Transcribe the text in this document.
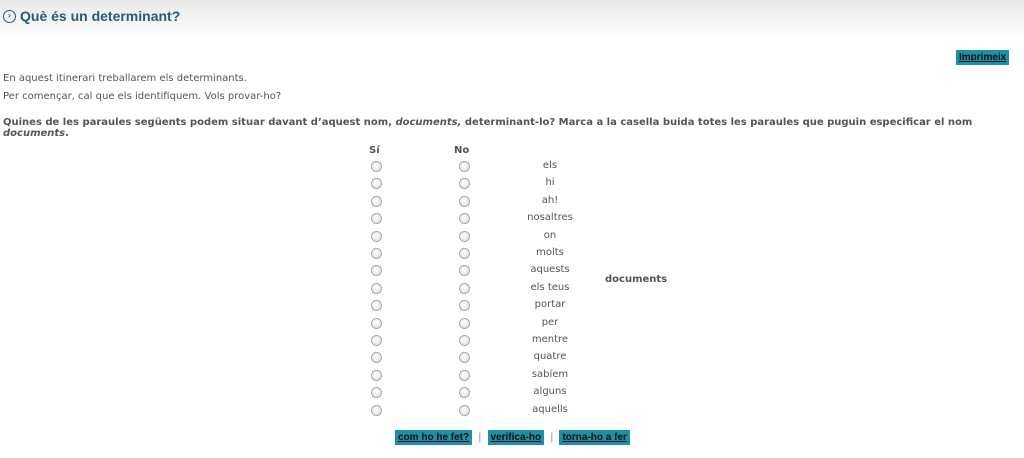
› Què és un determinant?
Imprimeix
En aquest itinerari treballarem els determinants.
Per començar, cal que els identifiquem. Vols provar-ho?
Quines de les paraules següents podem situar davant d’aquest nom, documents, determinant-lo? Marca a la casella buida totes les paraules que puguin especificar el nom documents.
Sí	No
els
hi
ah!
nosaltres
on
molts
aquests
els teus
portar
per
mentre
quatre
sabíem
alguns
aquells
documents
com ho he fet? | verifica-ho | torna-ho a fer
